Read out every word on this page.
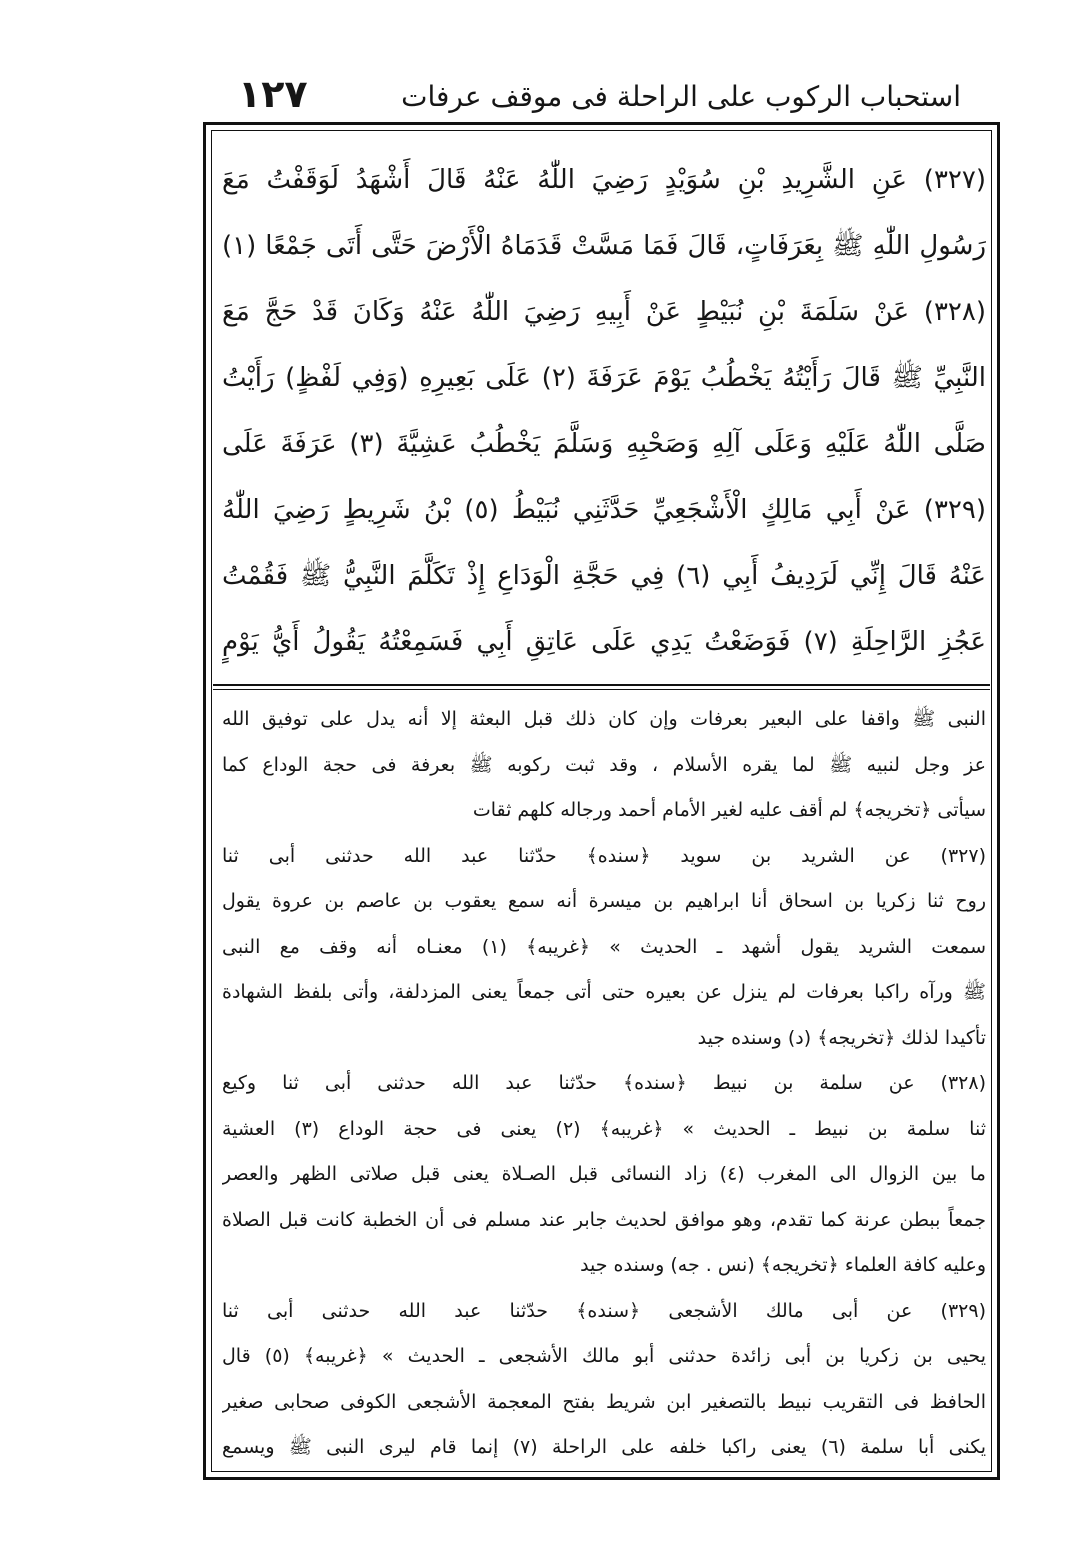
١٢٧	استحباب الركوب على الراحلة فى موقف عرفات
(٣٢٧) عَنِ الشَّرِيدِ بْنِ سُوَيْدٍ رَضِيَ اللّٰهُ عَنْهُ قَالَ أَشْهَدُ لَوَقَفْتُ مَعَ
رَسُولِ اللّٰهِ ﷺ بِعَرَفَاتٍ، قَالَ فَمَا مَسَّتْ قَدَمَاهُ الْأَرْضَ حَتَّى أَتَى جَمْعًا (١)
(٣٢٨) عَنْ سَلَمَةَ بْنِ نُبَيْطٍ عَنْ أَبِيهِ رَضِيَ اللّٰهُ عَنْهُ وَكَانَ قَدْ حَجَّ مَعَ
النَّبِيِّ ﷺ قَالَ رَأَيْتُهُ يَخْطُبُ يَوْمَ عَرَفَةَ (٢) عَلَى بَعِيرِهِ (وَفِي لَفْظٍ) رَأَيْتُ
صَلَّى اللّٰهُ عَلَيْهِ وَعَلَى آلِهِ وَصَحْبِهِ وَسَلَّمَ يَخْطُبُ عَشِيَّةَ (٣) عَرَفَةَ عَلَى
(٣٢٩) عَنْ أَبِي مَالِكٍ الْأَشْجَعِيِّ حَدَّثَنِي نُبَيْطُ (٥) بْنُ شَرِيطٍ رَضِيَ اللّٰهُ
عَنْهُ قَالَ إِنِّي لَرَدِيفُ أَبِي (٦) فِي حَجَّةِ الْوَدَاعِ إِذْ تَكَلَّمَ النَّبِيُّ ﷺ فَقُمْتُ
عَجُزِ الرَّاحِلَةِ (٧) فَوَضَعْتُ يَدِي عَلَى عَاتِقِ أَبِي فَسَمِعْتُهُ يَقُولُ أَيُّ يَوْمٍ
النبى ﷺ واقفا على البعير بعرفات وإن كان ذلك قبل البعثة إلا أنه يدل على توفيق الله
عز وجل لنبيه ﷺ لما يقره الأسلام ، وقد ثبت ركوبه ﷺ بعرفة فى حجة الوداع كما
سيأتى ﴿تخريجه﴾ لم أقف عليه لغير الأمام أحمد ورجاله كلهم ثقات
(٣٢٧) عن الشريد بن سويد ﴿سنده﴾ حدّثنا عبد الله حدثنى أبى ثنا
روح ثنا زكريا بن اسحاق أنا ابراهيم بن ميسرة أنه سمع يعقوب بن عاصم بن عروة يقول
سمعت الشريد يقول أشهد ـ الحديث » ﴿غريبه﴾ (١) معنـاه أنه وقف مع النبى
ﷺ ورآه راكبا بعرفات لم ينزل عن بعيره حتى أتى جمعاً يعنى المزدلفة، وأتى بلفظ الشهادة
تأكيدا لذلك ﴿تخريجه﴾ (د) وسنده جيد
(٣٢٨) عن سلمة بن نبيط ﴿سنده﴾ حدّثنا عبد الله حدثنى أبى ثنا وكيع
ثنا سلمة بن نبيط ـ الحديث » ﴿غريبه﴾ (٢) يعنى فى حجة الوداع (٣) العشية
ما بين الزوال الى المغرب (٤) زاد النسائى قبل الصـلاة يعنى قبل صلاتى الظهر والعصر
جمعاً ببطن عرنة كما تقدم، وهو موافق لحديث جابر عند مسلم فى أن الخطبة كانت قبل الصلاة
وعليه كافة العلماء ﴿تخريجه﴾ (نس . جه) وسنده جيد
(٣٢٩) عن أبى مالك الأشجعى ﴿سنده﴾ حدّثنا عبد الله حدثنى أبى ثنا
يحيى بن زكريا بن أبى زائدة حدثنى أبو مالك الأشجعى ـ الحديث » ﴿غريبه﴾ (٥) قال
الحافظ فى التقريب نبيط بالتصغير ابن شريط بفتح المعجمة الأشجعى الكوفى صحابى صغير
يكنى أبا سلمة (٦) يعنى راكبا خلفه على الراحلة (٧) إنما قام ليرى النبى ﷺ ويسمع
